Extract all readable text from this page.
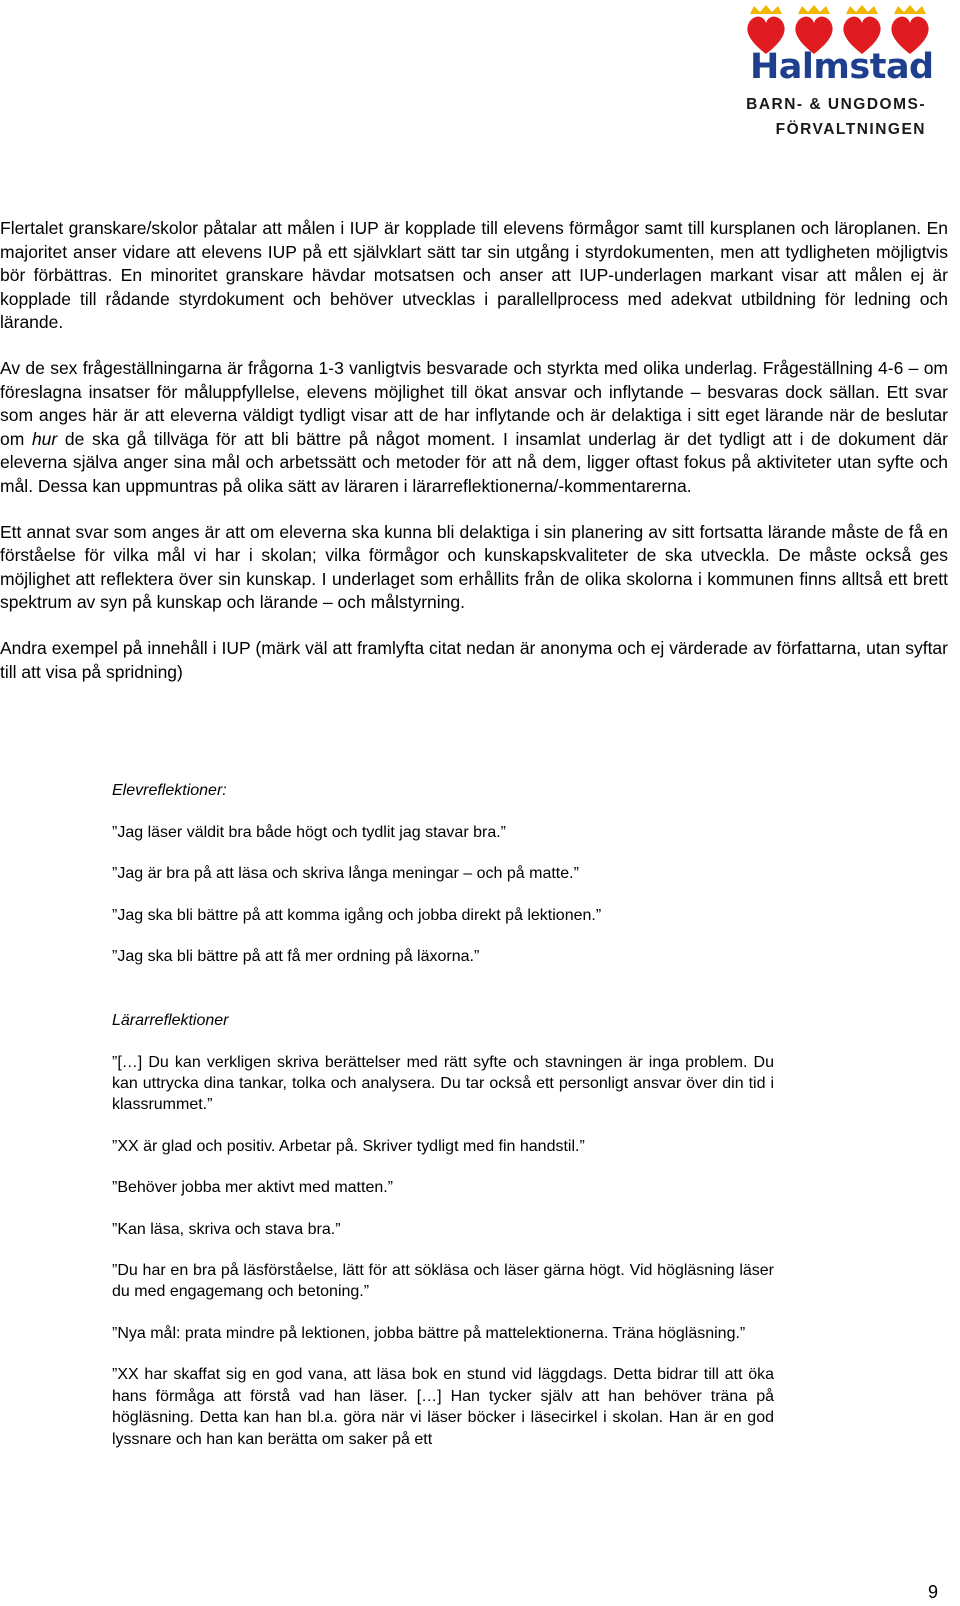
Halmstad
BARN- & UNGDOMS-
FÖRVALTNINGEN

Flertalet granskare/skolor påtalar att målen i IUP är kopplade till elevens förmågor samt till kursplanen och läroplanen. En majoritet anser vidare att elevens IUP på ett självklart sätt tar sin utgång i styrdokumenten, men att tydligheten möjligtvis bör förbättras. En minoritet granskare hävdar motsatsen och anser att IUP-underlagen markant visar att målen ej är kopplade till rådande styrdokument och behöver utvecklas i parallellprocess med adekvat utbildning för ledning och lärande.

Av de sex frågeställningarna är frågorna 1-3 vanligtvis besvarade och styrkta med olika underlag. Frågeställning 4-6 – om föreslagna insatser för måluppfyllelse, elevens möjlighet till ökat ansvar och inflytande – besvaras dock sällan. Ett svar som anges här är att eleverna väldigt tydligt visar att de har inflytande och är delaktiga i sitt eget lärande när de beslutar om hur de ska gå tillväga för att bli bättre på något moment. I insamlat underlag är det tydligt att i de dokument där eleverna själva anger sina mål och arbetssätt och metoder för att nå dem, ligger oftast fokus på aktiviteter utan syfte och mål. Dessa kan uppmuntras på olika sätt av läraren i lärarreflektionerna/-kommentarerna.

Ett annat svar som anges är att om eleverna ska kunna bli delaktiga i sin planering av sitt fortsatta lärande måste de få en förståelse för vilka mål vi har i skolan; vilka förmågor och kunskapskvaliteter de ska utveckla. De måste också ges möjlighet att reflektera över sin kunskap. I underlaget som erhållits från de olika skolorna i kommunen finns alltså ett brett spektrum av syn på kunskap och lärande – och målstyrning.

Andra exempel på innehåll i IUP (märk väl att framlyfta citat nedan är anonyma och ej värderade av författarna, utan syftar till att visa på spridning)

Elevreflektioner:
”Jag läser väldit bra både högt och tydlit jag stavar bra.”
”Jag är bra på att läsa och skriva långa meningar – och på matte.”
”Jag ska bli bättre på att komma igång och jobba direkt på lektionen.”
”Jag ska bli bättre på att få mer ordning på läxorna.”
Lärarreflektioner
”[…] Du kan verkligen skriva berättelser med rätt syfte och stavningen är inga problem. Du kan uttrycka dina tankar, tolka och analysera. Du tar också ett personligt ansvar över din tid i klassrummet.”
”XX är glad och positiv. Arbetar på. Skriver tydligt med fin handstil.”
”Behöver jobba mer aktivt med matten.”
”Kan läsa, skriva och stava bra.”
”Du har en bra på läsförståelse, lätt för att sökläsa och läser gärna högt. Vid högläsning läser du med engagemang och betoning.”
”Nya mål: prata mindre på lektionen, jobba bättre på mattelektionerna. Träna högläsning.”
”XX har skaffat sig en god vana, att läsa bok en stund vid läggdags. Detta bidrar till att öka hans förmåga att förstå vad han läser. […] Han tycker själv att han behöver träna på högläsning. Detta kan han bl.a. göra när vi läser böcker i läsecirkel i skolan. Han är en god lyssnare och han kan berätta om saker på ett
9
